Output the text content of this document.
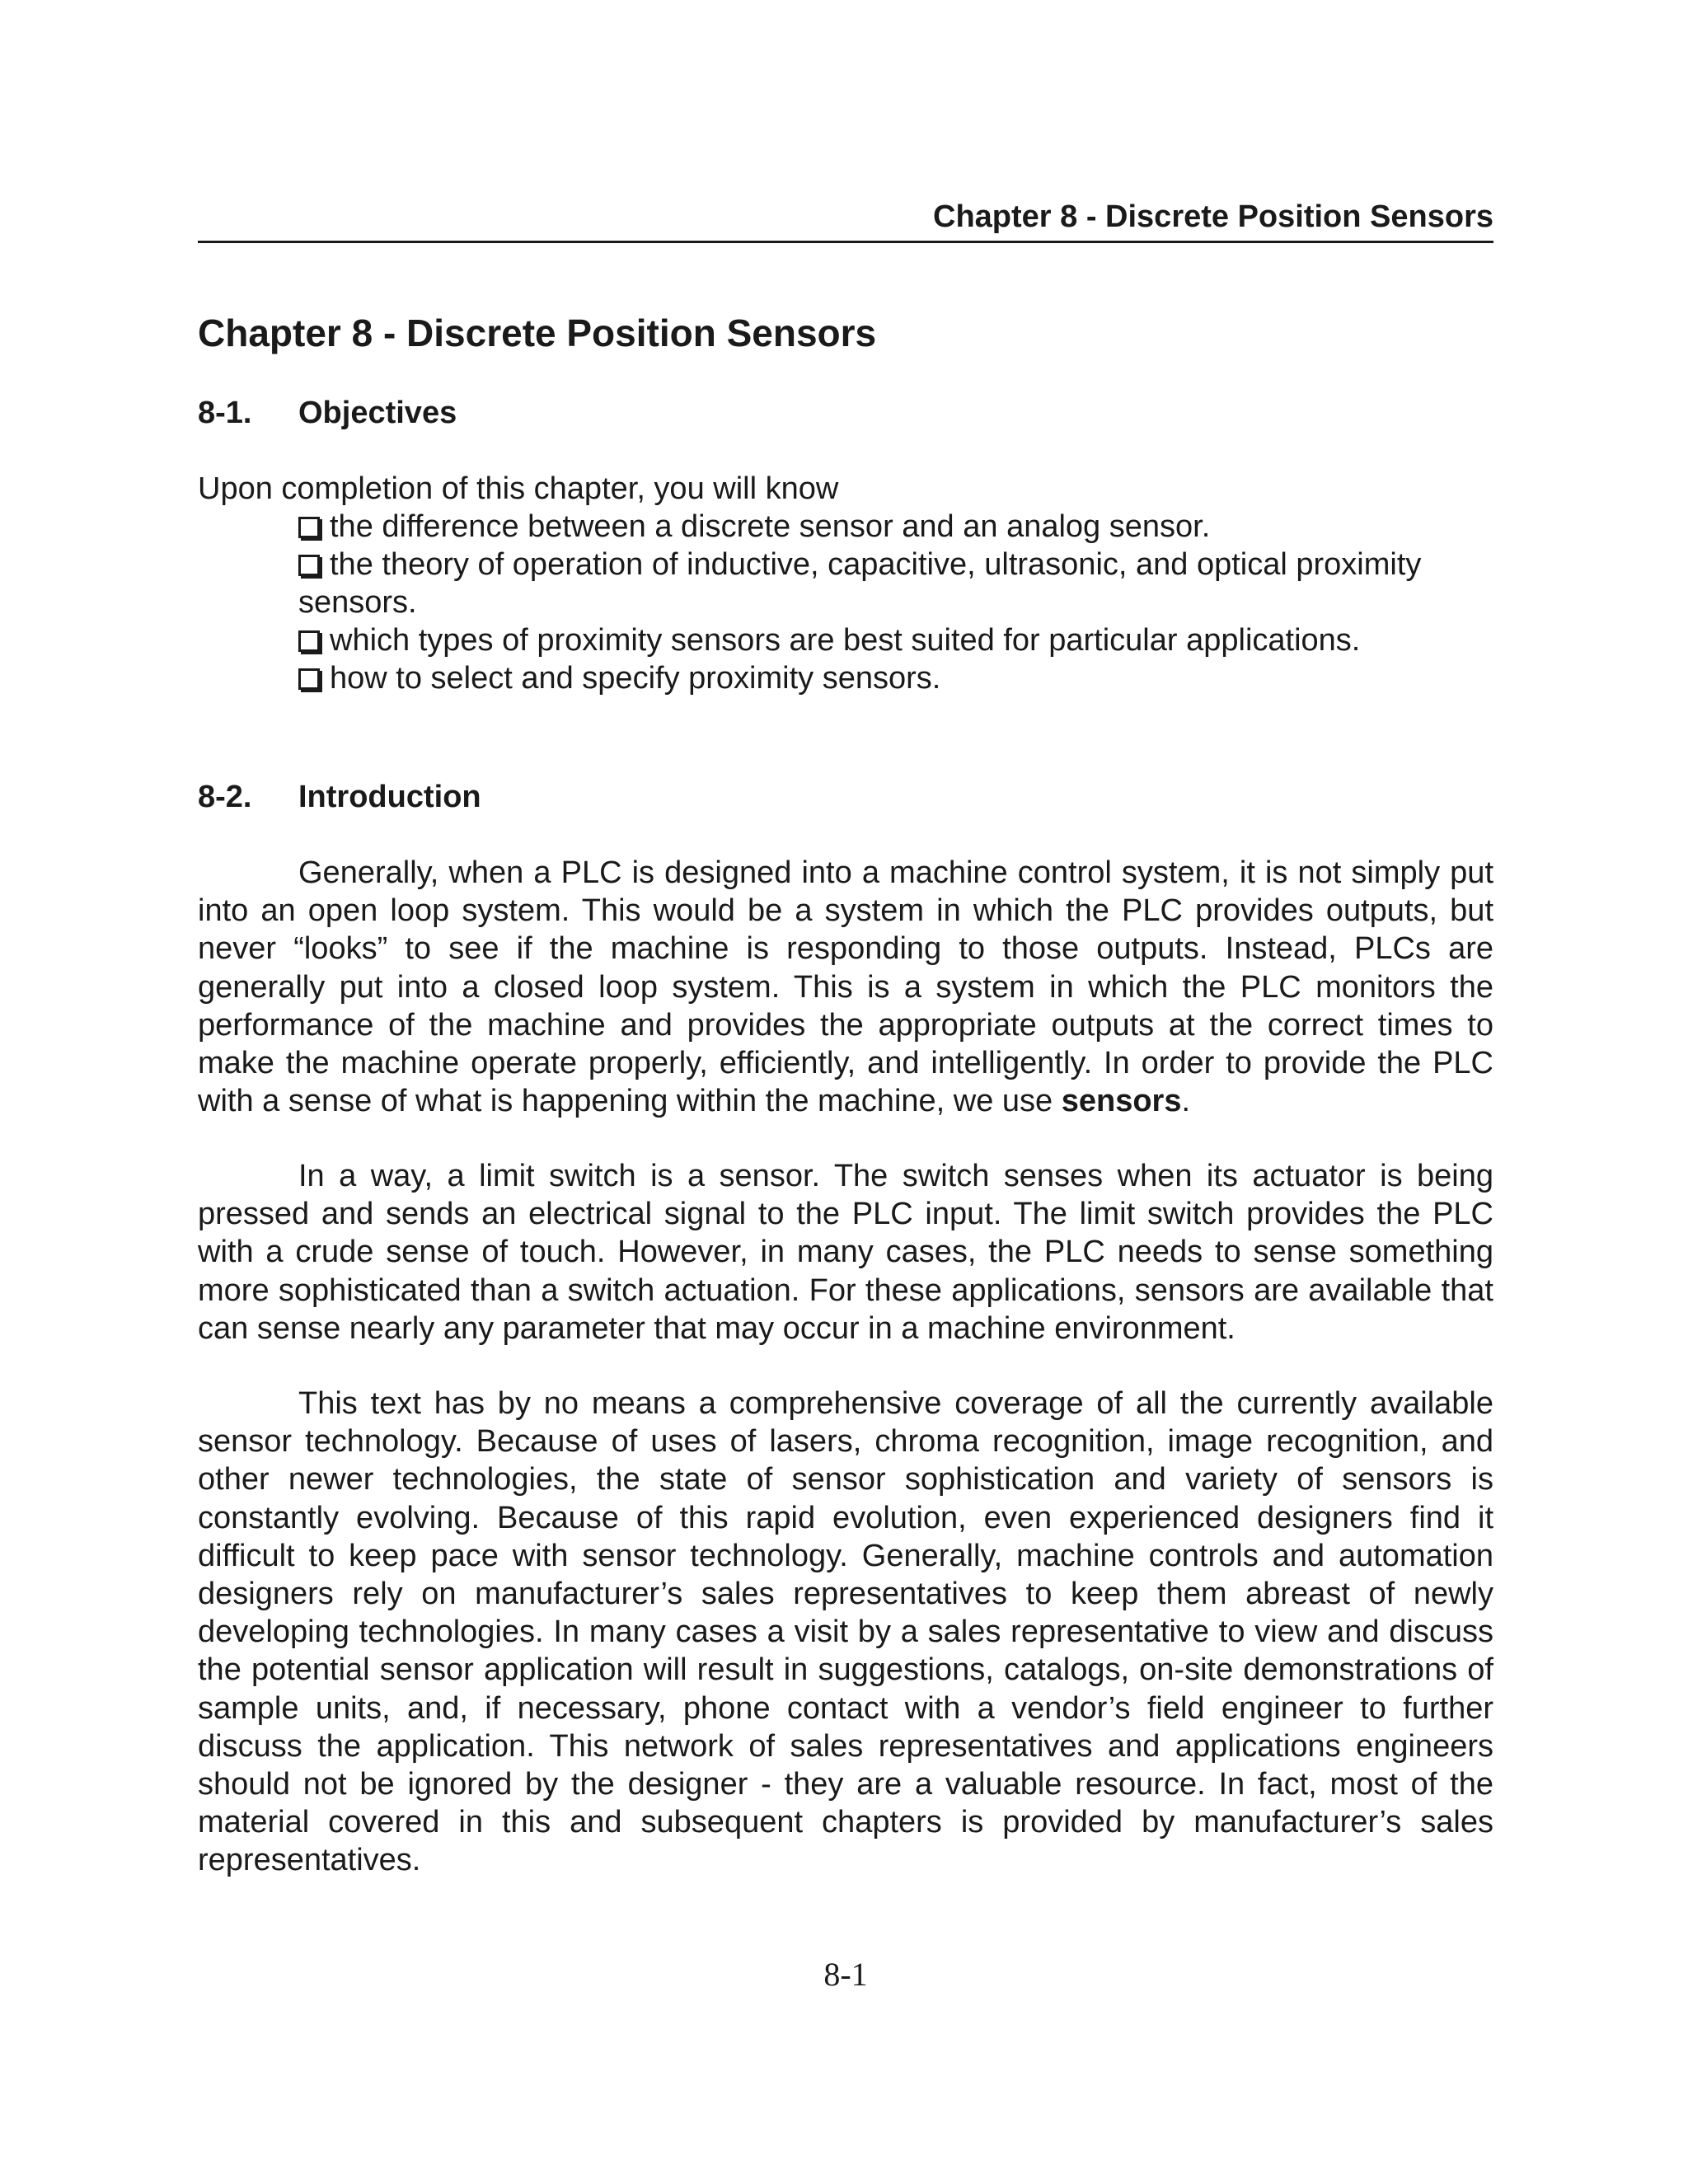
Chapter 8 - Discrete Position Sensors
Chapter 8 - Discrete Position Sensors
8-1. Objectives

Upon completion of this chapter, you will know

the difference between a discrete sensor and an analog sensor.
the theory of operation of inductive, capacitive, ultrasonic, and optical proximity sensors.
which types of proximity sensors are best suited for particular applications.
how to select and specify proximity sensors.
8-2. Introduction

Generally, when a PLC is designed into a machine control system, it is not simply put into an open loop system. This would be a system in which the PLC provides outputs, but never “looks” to see if the machine is responding to those outputs. Instead, PLCs are generally put into a closed loop system. This is a system in which the PLC monitors the performance of the machine and provides the appropriate outputs at the correct times to make the machine operate properly, efficiently, and intelligently. In order to provide the PLC with a sense of what is happening within the machine, we use sensors.

In a way, a limit switch is a sensor. The switch senses when its actuator is being pressed and sends an electrical signal to the PLC input. The limit switch provides the PLC with a crude sense of touch. However, in many cases, the PLC needs to sense something more sophisticated than a switch actuation. For these applications, sensors are available that can sense nearly any parameter that may occur in a machine environment.

This text has by no means a comprehensive coverage of all the currently available sensor technology. Because of uses of lasers, chroma recognition, image recognition, and other newer technologies, the state of sensor sophistication and variety of sensors is constantly evolving. Because of this rapid evolution, even experienced designers find it difficult to keep pace with sensor technology. Generally, machine controls and automation designers rely on manufacturer’s sales representatives to keep them abreast of newly developing technologies. In many cases a visit by a sales representative to view and discuss the potential sensor application will result in suggestions, catalogs, on-site demonstrations of sample units, and, if necessary, phone contact with a vendor’s field engineer to further discuss the application. This network of sales representatives and applications engineers should not be ignored by the designer - they are a valuable resource. In fact, most of the material covered in this and subsequent chapters is provided by manufacturer’s sales representatives.

8-1
